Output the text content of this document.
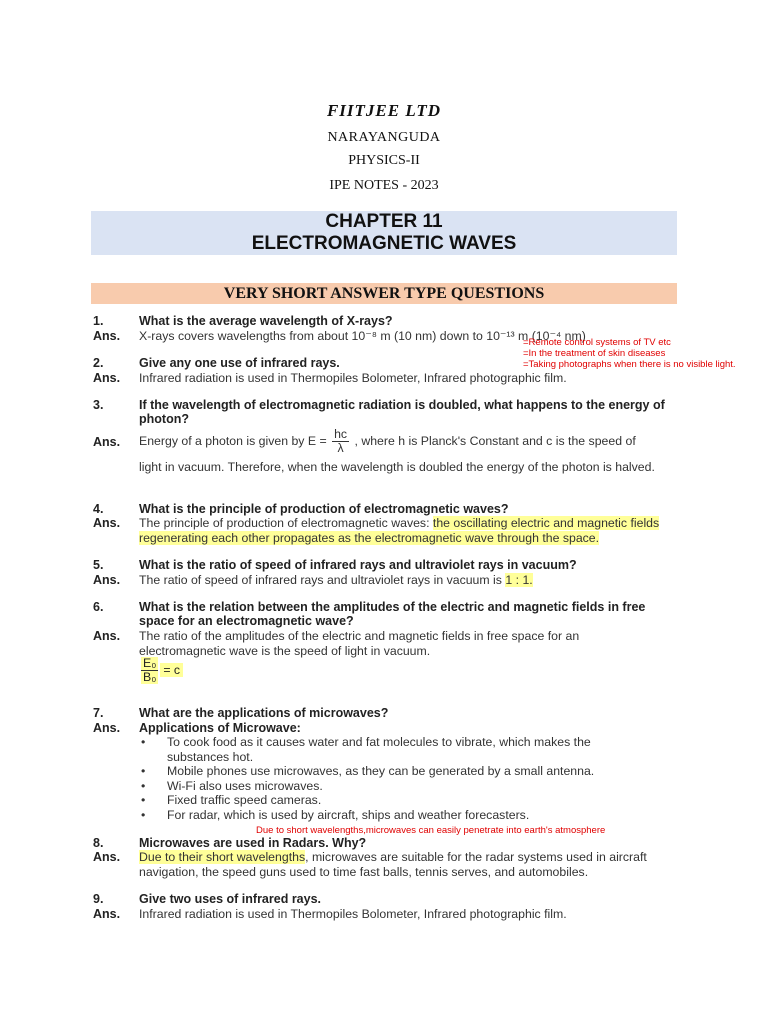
FIITJEE LTD
NARAYANGUDA
PHYSICS-II
IPE NOTES - 2023
CHAPTER 11
ELECTROMAGNETIC WAVES
VERY SHORT ANSWER TYPE QUESTIONS
1.	What is the average wavelength of X-rays?
Ans. X-rays covers wavelengths from about 10⁻⁸ m (10 nm) down to 10⁻¹³ m (10⁻⁴ nm)
=Remote control systems of TV etc
=In the treatment of skin diseases
=Taking photographs when there is no visible light.
2.	Give any one use of infrared rays.
Ans. Infrared radiation is used in Thermopiles Bolometer, Infrared photographic film.
3.	If the wavelength of electromagnetic radiation is doubled, what happens to the energy of photon?
Ans. Energy of a photon is given by $E = \frac{hc}{\lambda}$ , where h is Planck's Constant and c is the speed of
light in vacuum. Therefore, when the wavelength is doubled the energy of the photon is halved.
4.	What is the principle of production of electromagnetic waves?
Ans. The principle of production of electromagnetic waves: the oscillating electric and magnetic fields regenerating each other propagates as the electromagnetic wave through the space.
5.	What is the ratio of speed of infrared rays and ultraviolet rays in vacuum?
Ans. The ratio of speed of infrared rays and ultraviolet rays in vacuum is 1 : 1.
6.	What is the relation between the amplitudes of the electric and magnetic fields in free space for an electromagnetic wave?
Ans. The ratio of the amplitudes of the electric and magnetic fields in free space for an electromagnetic wave is the speed of light in vacuum.
$\frac{\text{E₀}}{\text{B₀}} = c$
7.	What are the applications of microwaves?
Ans. Applications of Microwave:
• To cook food as it causes water and fat molecules to vibrate, which makes the substances hot.
• Mobile phones use microwaves, as they can be generated by a small antenna.
• Wi-Fi also uses microwaves.
• Fixed traffic speed cameras.
• For radar, which is used by aircraft, ships and weather forecasters.
Due to short wavelengths,microwaves can easily penetrate into earth's atmosphere
8.	Microwaves are used in Radars. Why?
Ans. Due to their short wavelengths, microwaves are suitable for the radar systems used in aircraft navigation, the speed guns used to time fast balls, tennis serves, and automobiles.
9.	Give two uses of infrared rays.
Ans. Infrared radiation is used in Thermopiles Bolometer, Infrared photographic film.
